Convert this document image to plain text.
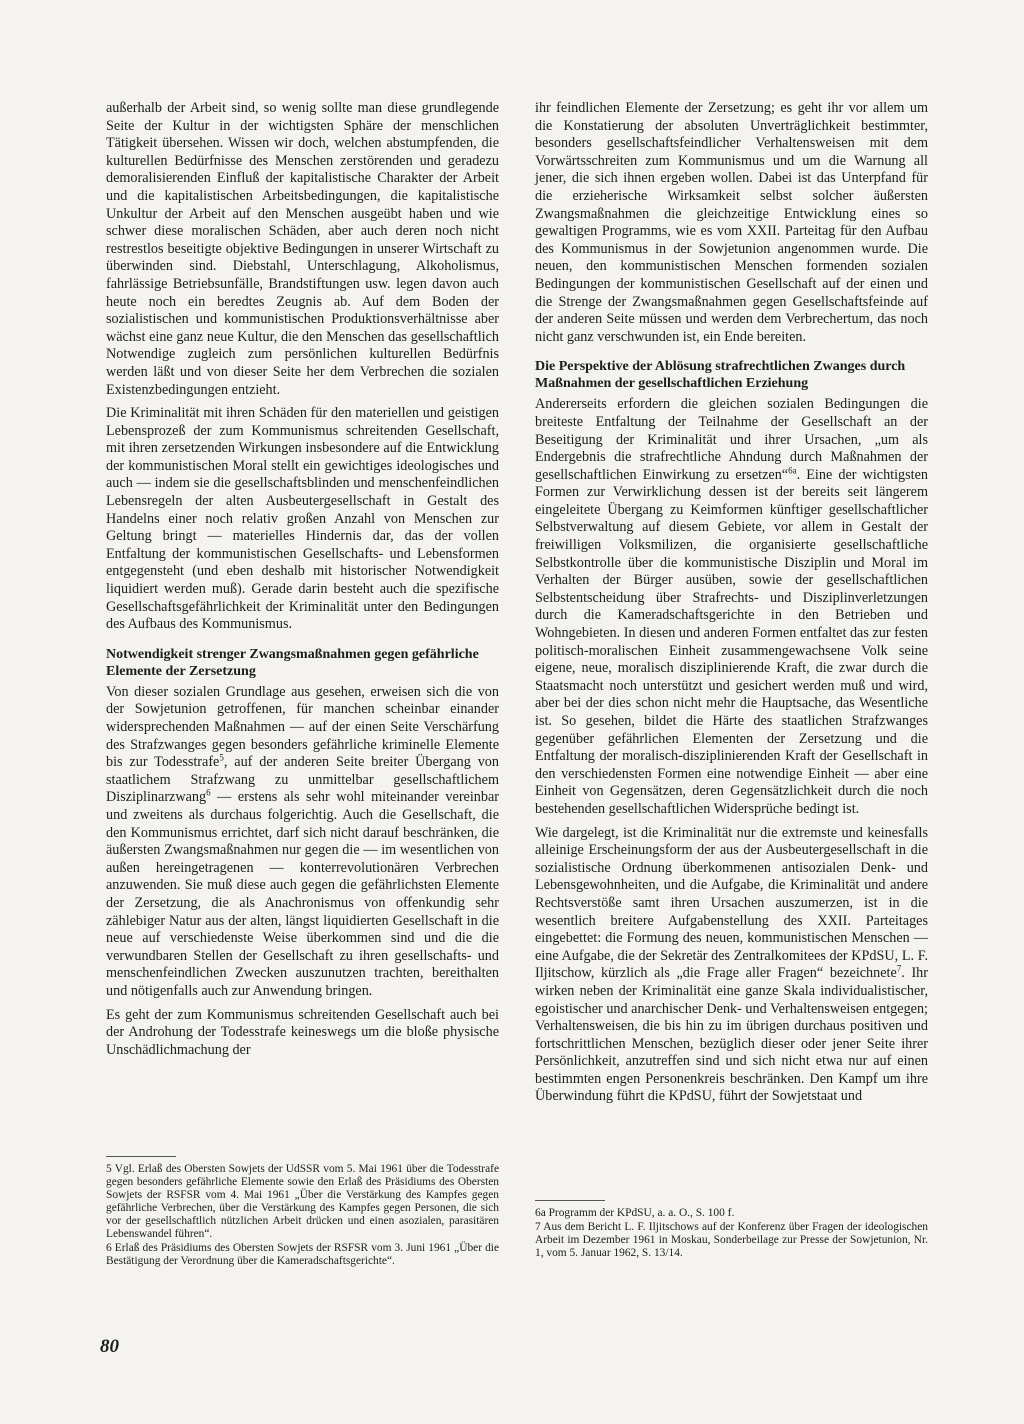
außerhalb der Arbeit sind, so wenig sollte man diese grundlegende Seite der Kultur in der wichtigsten Sphäre der menschlichen Tätigkeit übersehen. Wissen wir doch, welchen abstumpfenden, die kulturellen Bedürfnisse des Menschen zerstörenden und geradezu demoralisierenden Einfluß der kapitalistische Charakter der Arbeit und die kapitalistischen Arbeitsbedingungen, die kapitalistische Unkultur der Arbeit auf den Menschen ausgeübt haben und wie schwer diese moralischen Schäden, aber auch deren noch nicht restrestlos beseitigte objektive Bedingungen in unserer Wirtschaft zu überwinden sind. Diebstahl, Unterschlagung, Alkoholismus, fahrlässige Betriebsunfälle, Brandstiftungen usw. legen davon auch heute noch ein beredtes Zeugnis ab. Auf dem Boden der sozialistischen und kommunistischen Produktionsverhältnisse aber wächst eine ganz neue Kultur, die den Menschen das gesellschaftlich Notwendige zugleich zum persönlichen kulturellen Bedürfnis werden läßt und von dieser Seite her dem Verbrechen die sozialen Existenzbedingungen entzieht.

Die Kriminalität mit ihren Schäden für den materiellen und geistigen Lebensprozeß der zum Kommunismus schreitenden Gesellschaft, mit ihren zersetzenden Wirkungen insbesondere auf die Entwicklung der kommunistischen Moral stellt ein gewichtiges ideologisches und auch — indem sie die gesellschaftsblinden und menschenfeindlichen Lebensregeln der alten Ausbeutergesellschaft in Gestalt des Handelns einer noch relativ großen Anzahl von Menschen zur Geltung bringt — materielles Hindernis dar, das der vollen Entfaltung der kommunistischen Gesellschafts- und Lebensformen entgegensteht (und eben deshalb mit historischer Notwendigkeit liquidiert werden muß). Gerade darin besteht auch die spezifische Gesellschaftsgefährlichkeit der Kriminalität unter den Bedingungen des Aufbaus des Kommunismus.

Notwendigkeit strenger Zwangsmaßnahmen gegen gefährliche Elemente der Zersetzung

Von dieser sozialen Grundlage aus gesehen, erweisen sich die von der Sowjetunion getroffenen, für manchen scheinbar einander widersprechenden Maßnahmen — auf der einen Seite Verschärfung des Strafzwanges gegen besonders gefährliche kriminelle Elemente bis zur Todesstrafe$^5$, auf der anderen Seite breiter Übergang von staatlichem Strafzwang zu unmittelbar gesellschaftlichem Disziplinarzwang$^6$ — erstens als sehr wohl miteinander vereinbar und zweitens als durchaus folgerichtig. Auch die Gesellschaft, die den Kommunismus errichtet, darf sich nicht darauf beschränken, die äußersten Zwangsmaßnahmen nur gegen die — im wesentlichen von außen hereingetragenen — konterrevolutionären Verbrechen anzuwenden. Sie muß diese auch gegen die gefährlichsten Elemente der Zersetzung, die als Anachronismus von offenkundig sehr zählebiger Natur aus der alten, längst liquidierten Gesellschaft in die neue auf verschiedenste Weise überkommen sind und die die verwundbaren Stellen der Gesellschaft zu ihren gesellschafts- und menschenfeindlichen Zwecken auszunutzen trachten, bereithalten und nötigenfalls auch zur Anwendung bringen.

Es geht der zum Kommunismus schreitenden Gesellschaft auch bei der Androhung der Todesstrafe keineswegs um die bloße physische Unschädlichmachung der

5 Vgl. Erlaß des Obersten Sowjets der UdSSR vom 5. Mai 1961 über die Todesstrafe gegen besonders gefährliche Elemente sowie den Erlaß des Präsidiums des Obersten Sowjets der RSFSR vom 4. Mai 1961 „Über die Verstärkung des Kampfes gegen gefährliche Verbrechen, über die Verstärkung des Kampfes gegen Personen, die sich vor der gesellschaftlich nützlichen Arbeit drücken und einen asozialen, parasitären Lebenswandel führen“.

6 Erlaß des Präsidiums des Obersten Sowjets der RSFSR vom 3. Juni 1961 „Über die Bestätigung der Verordnung über die Kameradschaftsgerichte“.

ihr feindlichen Elemente der Zersetzung; es geht ihr vor allem um die Konstatierung der absoluten Unverträglichkeit bestimmter, besonders gesellschaftsfeindlicher Verhaltensweisen mit dem Vorwärtsschreiten zum Kommunismus und um die Warnung all jener, die sich ihnen ergeben wollen. Dabei ist das Unterpfand für die erzieherische Wirksamkeit selbst solcher äußersten Zwangsmaßnahmen die gleichzeitige Entwicklung eines so gewaltigen Programms, wie es vom XXII. Parteitag für den Aufbau des Kommunismus in der Sowjetunion angenommen wurde. Die neuen, den kommunistischen Menschen formenden sozialen Bedingungen der kommunistischen Gesellschaft auf der einen und die Strenge der Zwangsmaßnahmen gegen Gesellschaftsfeinde auf der anderen Seite müssen und werden dem Verbrechertum, das noch nicht ganz verschwunden ist, ein Ende bereiten.

Die Perspektive der Ablösung strafrechtlichen Zwanges durch Maßnahmen der gesellschaftlichen Erziehung

Andererseits erfordern die gleichen sozialen Bedingungen die breiteste Entfaltung der Teilnahme der Gesellschaft an der Beseitigung der Kriminalität und ihrer Ursachen, „um als Endergebnis die strafrechtliche Ahndung durch Maßnahmen der gesellschaftlichen Einwirkung zu ersetzen“$^{6a}$. Eine der wichtigsten Formen zur Verwirklichung dessen ist der bereits seit längerem eingeleitete Übergang zu Keimformen künftiger gesellschaftlicher Selbstverwaltung auf diesem Gebiete, vor allem in Gestalt der freiwilligen Volksmilizen, die organisierte gesellschaftliche Selbstkontrolle über die kommunistische Disziplin und Moral im Verhalten der Bürger ausüben, sowie der gesellschaftlichen Selbstentscheidung über Strafrechts- und Disziplinverletzungen durch die Kameradschaftsgerichte in den Betrieben und Wohngebieten. In diesen und anderen Formen entfaltet das zur festen politisch-moralischen Einheit zusammengewachsene Volk seine eigene, neue, moralisch disziplinierende Kraft, die zwar durch die Staatsmacht noch unterstützt und gesichert werden muß und wird, aber bei der dies schon nicht mehr die Hauptsache, das Wesentliche ist. So gesehen, bildet die Härte des staatlichen Strafzwanges gegenüber gefährlichen Elementen der Zersetzung und die Entfaltung der moralisch-disziplinierenden Kraft der Gesellschaft in den verschiedensten Formen eine notwendige Einheit — aber eine Einheit von Gegensätzen, deren Gegensätzlichkeit durch die noch bestehenden gesellschaftlichen Widersprüche bedingt ist.

Wie dargelegt, ist die Kriminalität nur die extremste und keinesfalls alleinige Erscheinungsform der aus der Ausbeutergesellschaft in die sozialistische Ordnung überkommenen antisozialen Denk- und Lebensgewohnheiten, und die Aufgabe, die Kriminalität und andere Rechtsverstöße samt ihren Ursachen auszumerzen, ist in die wesentlich breitere Aufgabenstellung des XXII. Parteitages eingebettet: die Formung des neuen, kommunistischen Menschen — eine Aufgabe, die der Sekretär des Zentralkomitees der KPdSU, L. F. Iljitschow, kürzlich als „die Frage aller Fragen“ bezeichnete$^7$. Ihr wirken neben der Kriminalität eine ganze Skala individualistischer, egoistischer und anarchischer Denk- und Verhaltensweisen entgegen; Verhaltensweisen, die bis hin zu im übrigen durchaus positiven und fortschrittlichen Menschen, bezüglich dieser oder jener Seite ihrer Persönlichkeit, anzutreffen sind und sich nicht etwa nur auf einen bestimmten engen Personenkreis beschränken. Den Kampf um ihre Überwindung führt die KPdSU, führt der Sowjetstaat und

6a Programm der KPdSU, a. a. O., S. 100 f.

7 Aus dem Bericht L. F. Iljitschows auf der Konferenz über Fragen der ideologischen Arbeit im Dezember 1961 in Moskau, Sonderbeilage zur Presse der Sowjetunion, Nr. 1, vom 5. Januar 1962, S. 13/14.

80
